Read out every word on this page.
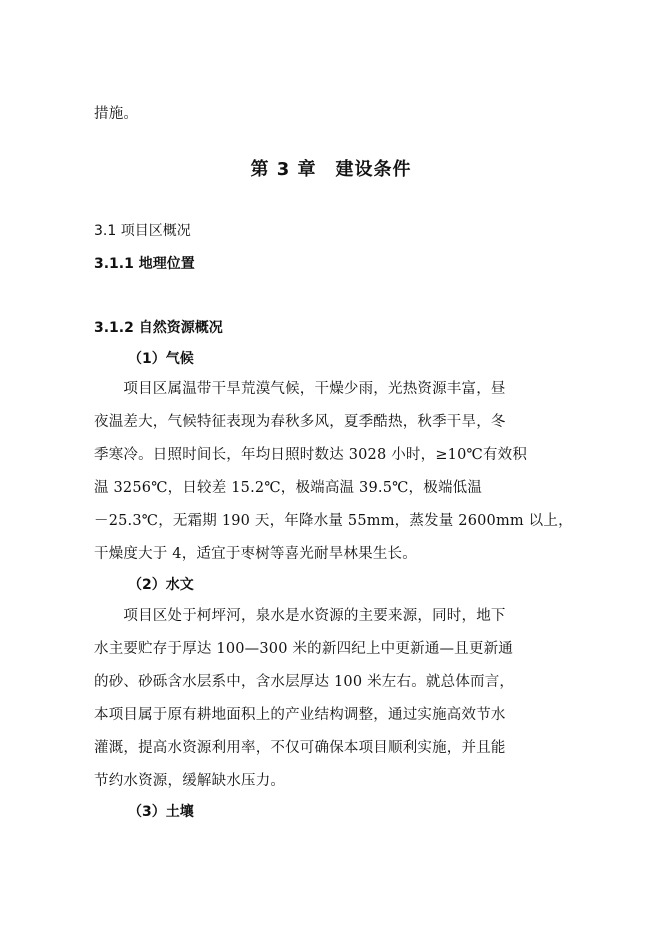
措施。
第 3 章　建设条件
3.1 项目区概况
3.1.1 地理位置
3.1.2 自然资源概况
（1）气候
　　项目区属温带干旱荒漠气候，干燥少雨，光热资源丰富，昼
夜温差大，气候特征表现为春秋多风，夏季酷热，秋季干旱，冬
季寒冷。日照时间长，年均日照时数达 3028 小时，≥10℃有效积
温 3256℃，日较差 15.2℃，极端高温 39.5℃，极端低温
－25.3℃，无霜期 190 天，年降水量 55mm，蒸发量 2600mm 以上，
干燥度大于 4，适宜于枣树等喜光耐旱林果生长。
（2）水文
　　项目区处于柯坪河，泉水是水资源的主要来源，同时，地下
水主要贮存于厚达 100—300 米的新四纪上中更新通—且更新通
的砂、砂砾含水层系中，含水层厚达 100 米左右。就总体而言，
本项目属于原有耕地面积上的产业结构调整，通过实施高效节水
灌溉，提高水资源利用率，不仅可确保本项目顺利实施，并且能
节约水资源，缓解缺水压力。
（3）土壤
